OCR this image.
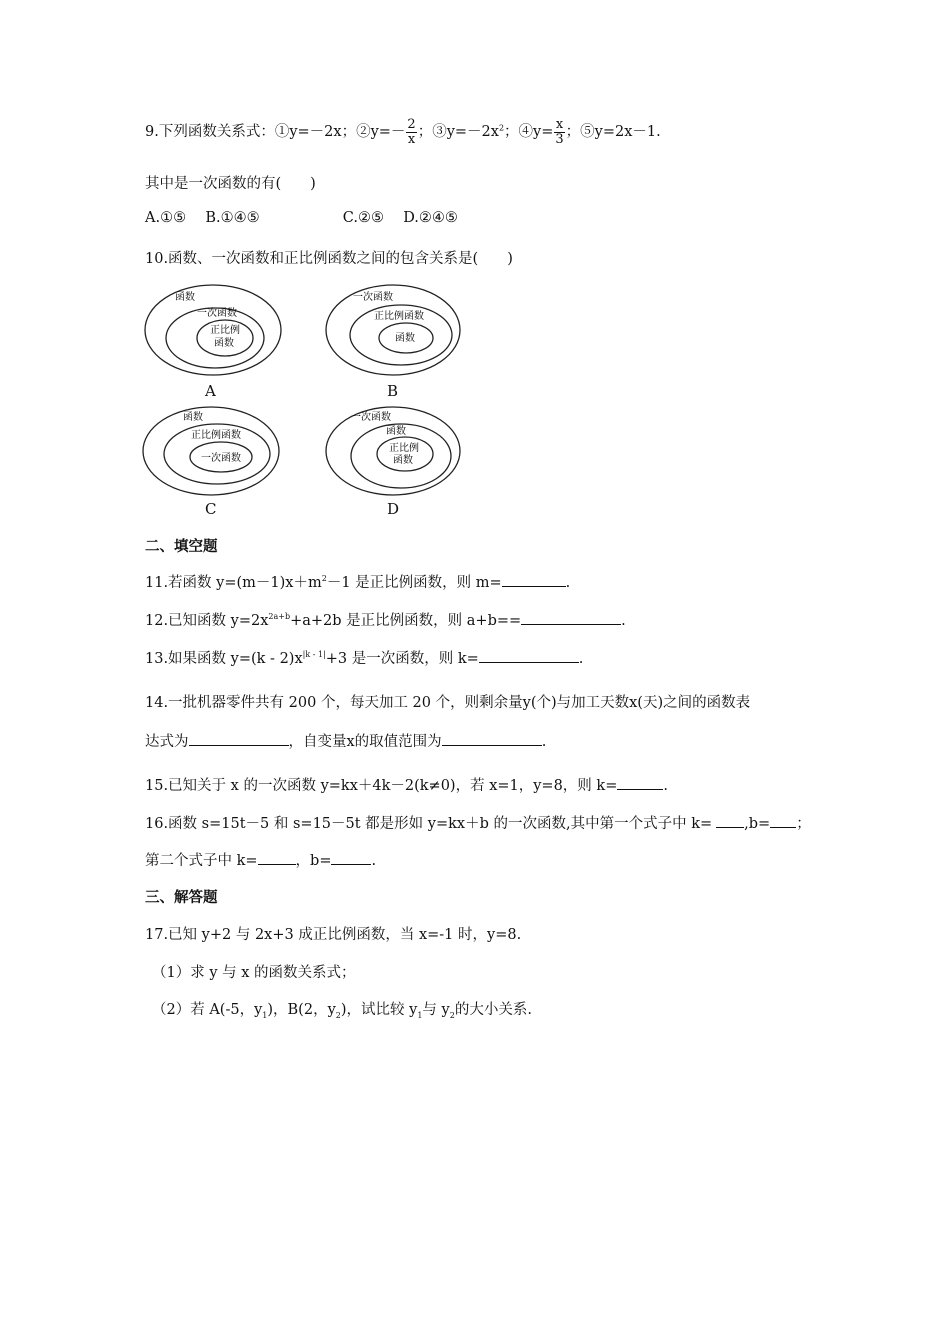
9.下列函数关系式：①y=－2x；②y=－ $\frac{2}{x}$ ；$③y=-2x^2$；④y= $\frac{x}{3}$ ；⑤y=2x－1.
其中是一次函数的有(　　)
A.①⑤ B.①④⑤	C.②⑤ D.②④⑤
10.函数、一次函数和正比例函数之间的包含关系是(　　)
函数
一次函数
正比例
函数
A
一次函数
正比例函数
函数
B
函数
正比例函数
一次函数
C
一次函数
函数
正比例
函数
D
二、填空题
11.若函数 $y=(m-1)x+m^2-1$ 是正比例函数，则 m=	.
12.已知函数 $y=2x^{2a+b}+a+2b$ 是正比例函数，则 a+b==	.
13.如果函数 $y=(k - 2)x^{|k - 1|}+3$ 是一次函数，则 k=	.
14.一批机器零件共有 200 个，每天加工 20 个，则剩余量y(个)与加工天数x(天)之间的函数表
达式为	，自变量x的取值范围为	.
15.已知关于 x 的一次函数 y=kx＋4k－2(k≠0)，若 x=1，y=8，则 k=	.
16.函数 s=15t－5 和 s=15－5t 都是形如 y=kx＋b 的一次函数,其中第一个式子中 k= ,b= ；
第二个式子中 k=	，b=	.
三、解答题
17.已知 y+2 与 2x+3 成正比例函数，当 x=-1 时，y=8.
（1）求 y 与 x 的函数关系式；
（2）若 A(-5，$y_1$)，B(2，$y_2$)，试比较 $y_1$与 $y_2$的大小关系.
